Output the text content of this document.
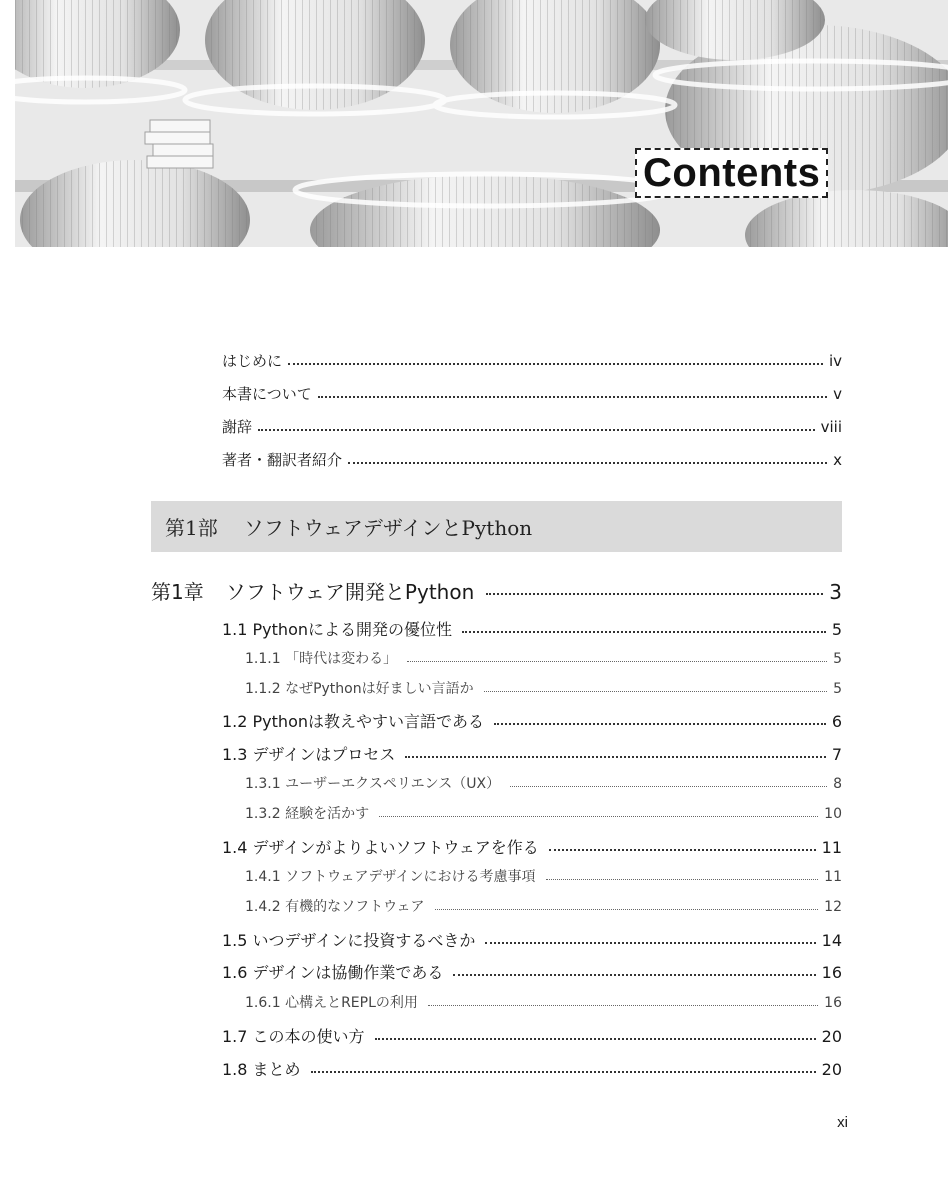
Contents
はじめに	iv
本書について	v
謝辞	viii
著者・翻訳者紹介	x
第1部 ソフトウェアデザインとPython
第1章 ソフトウェア開発とPython	3
1.1 Pythonによる開発の優位性	5
1.1.1 「時代は変わる」	5
1.1.2 なぜPythonは好ましい言語か	5
1.2 Pythonは教えやすい言語である	6
1.3 デザインはプロセス	7
1.3.1 ユーザーエクスペリエンス（UX）	8
1.3.2 経験を活かす	10
1.4 デザインがよりよいソフトウェアを作る	11
1.4.1 ソフトウェアデザインにおける考慮事項	11
1.4.2 有機的なソフトウェア	12
1.5 いつデザインに投資するべきか	14
1.6 デザインは協働作業である	16
1.6.1 心構えとREPLの利用	16
1.7 この本の使い方	20
1.8 まとめ	20
xi
